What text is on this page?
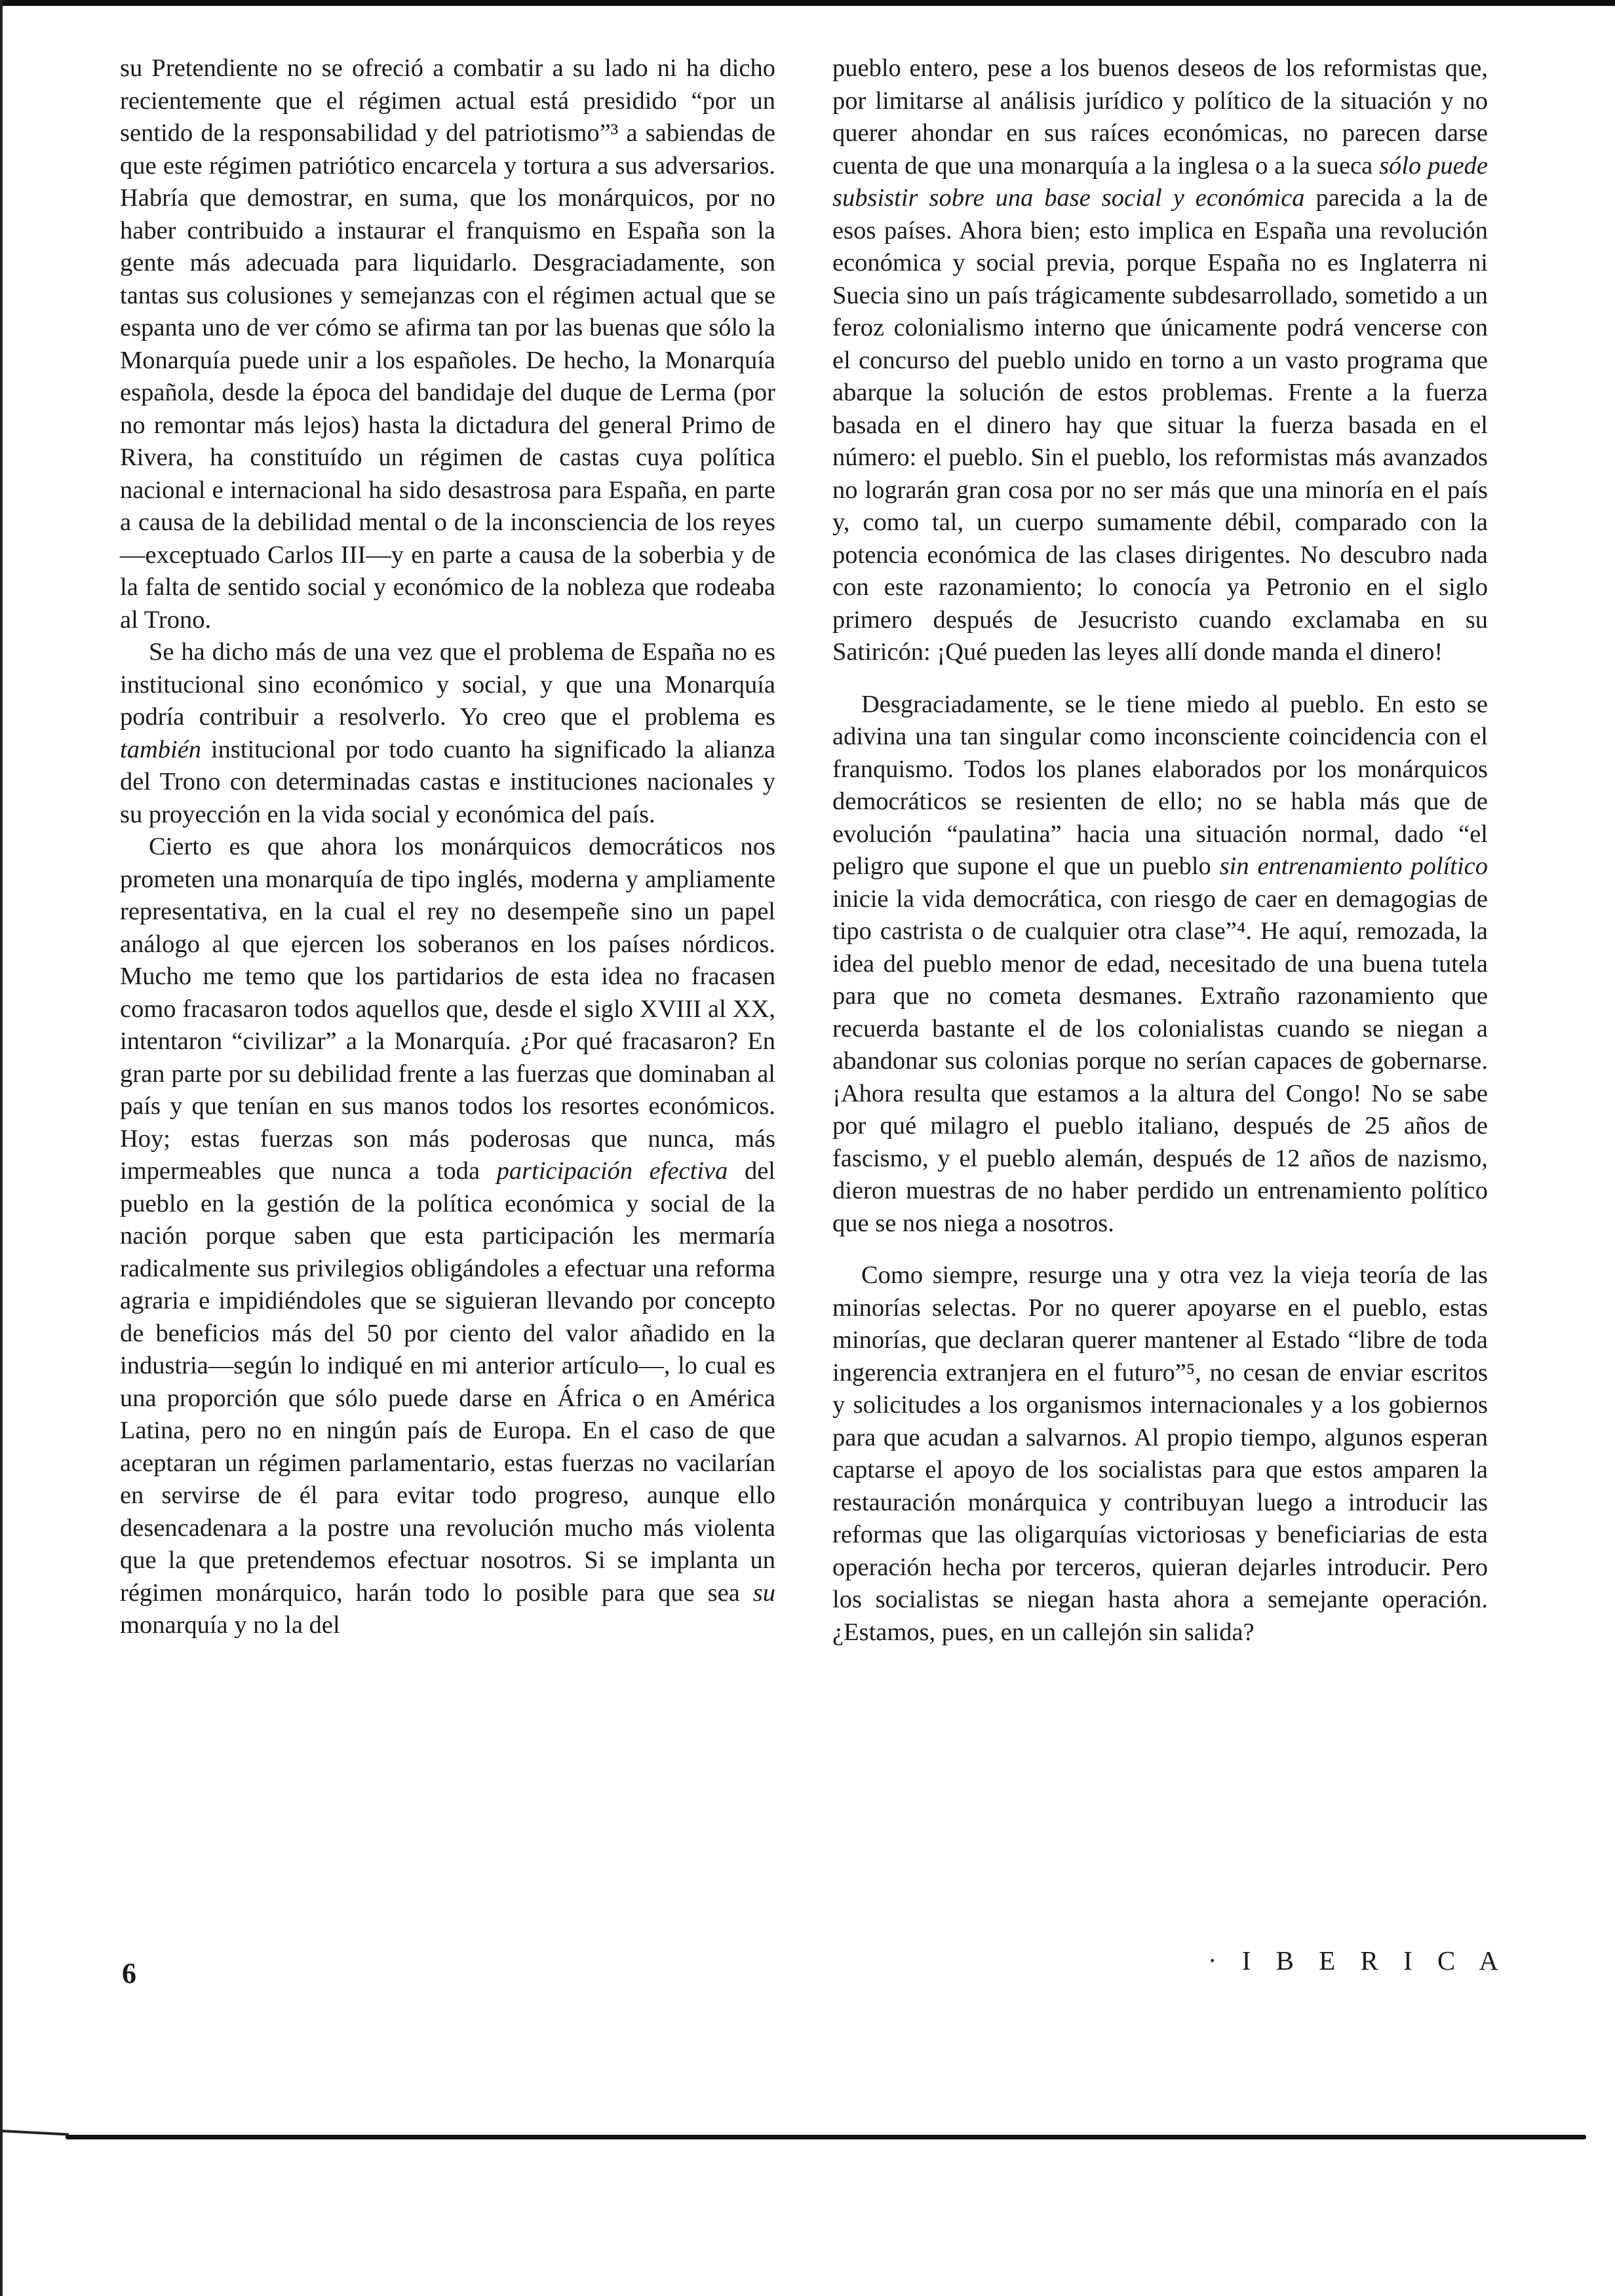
su Pretendiente no se ofreció a combatir a su lado ni ha dicho recientemente que el régimen actual está presidido “por un sentido de la responsabilidad y del patriotismo”³ a sabiendas de que este régimen patriótico encarcela y tortura a sus adversarios. Habría que demostrar, en suma, que los monárquicos, por no haber contribuido a instaurar el franquismo en España son la gente más adecuada para liquidarlo. Desgraciadamente, son tantas sus colusiones y semejanzas con el régimen actual que se espanta uno de ver cómo se afirma tan por las buenas que sólo la Monarquía puede unir a los españoles. De hecho, la Monarquía española, desde la época del bandidaje del duque de Lerma (por no remontar más lejos) hasta la dictadura del general Primo de Rivera, ha constituído un régimen de castas cuya política nacional e internacional ha sido desastrosa para España, en parte a causa de la debilidad mental o de la inconsciencia de los reyes—exceptuado Carlos III—y en parte a causa de la soberbia y de la falta de sentido social y económico de la nobleza que rodeaba al Trono.

Se ha dicho más de una vez que el problema de España no es institucional sino económico y social, y que una Monarquía podría contribuir a resolverlo. Yo creo que el problema es también institucional por todo cuanto ha significado la alianza del Trono con determinadas castas e instituciones nacionales y su proyección en la vida social y económica del país.

Cierto es que ahora los monárquicos democráticos nos prometen una monarquía de tipo inglés, moderna y ampliamente representativa, en la cual el rey no desempeñe sino un papel análogo al que ejercen los soberanos en los países nórdicos. Mucho me temo que los partidarios de esta idea no fracasen como fracasaron todos aquellos que, desde el siglo XVIII al XX, intentaron “civilizar” a la Monarquía. ¿Por qué fracasaron? En gran parte por su debilidad frente a las fuerzas que dominaban al país y que tenían en sus manos todos los resortes económicos. Hoy; estas fuerzas son más poderosas que nunca, más impermeables que nunca a toda participación efectiva del pueblo en la gestión de la política económica y social de la nación porque saben que esta participación les mermaría radicalmente sus privilegios obligándoles a efectuar una reforma agraria e impidiéndoles que se siguieran llevando por concepto de beneficios más del 50 por ciento del valor añadido en la industria—según lo indiqué en mi anterior artículo—, lo cual es una proporción que sólo puede darse en África o en América Latina, pero no en ningún país de Europa. En el caso de que aceptaran un régimen parlamentario, estas fuerzas no vacilarían en servirse de él para evitar todo progreso, aunque ello desencadenara a la postre una revolución mucho más violenta que la que pretendemos efectuar nosotros. Si se implanta un régimen monárquico, harán todo lo posible para que sea su monarquía y no la del

pueblo entero, pese a los buenos deseos de los reformistas que, por limitarse al análisis jurídico y político de la situación y no querer ahondar en sus raíces económicas, no parecen darse cuenta de que una monarquía a la inglesa o a la sueca sólo puede subsistir sobre una base social y económica parecida a la de esos países. Ahora bien; esto implica en España una revolución económica y social previa, porque España no es Inglaterra ni Suecia sino un país trágicamente subdesarrollado, sometido a un feroz colonialismo interno que únicamente podrá vencerse con el concurso del pueblo unido en torno a un vasto programa que abarque la solución de estos problemas. Frente a la fuerza basada en el dinero hay que situar la fuerza basada en el número: el pueblo. Sin el pueblo, los reformistas más avanzados no lograrán gran cosa por no ser más que una minoría en el país y, como tal, un cuerpo sumamente débil, comparado con la potencia económica de las clases dirigentes. No descubro nada con este razonamiento; lo conocía ya Petronio en el siglo primero después de Jesucristo cuando exclamaba en su Satiricón: ¡Qué pueden las leyes allí donde manda el dinero!

Desgraciadamente, se le tiene miedo al pueblo. En esto se adivina una tan singular como inconsciente coincidencia con el franquismo. Todos los planes elaborados por los monárquicos democráticos se resienten de ello; no se habla más que de evolución “paulatina” hacia una situación normal, dado “el peligro que supone el que un pueblo sin entrenamiento político inicie la vida democrática, con riesgo de caer en demagogias de tipo castrista o de cualquier otra clase”⁴. He aquí, remozada, la idea del pueblo menor de edad, necesitado de una buena tutela para que no cometa desmanes. Extraño razonamiento que recuerda bastante el de los colonialistas cuando se niegan a abandonar sus colonias porque no serían capaces de gobernarse. ¡Ahora resulta que estamos a la altura del Congo! No se sabe por qué milagro el pueblo italiano, después de 25 años de fascismo, y el pueblo alemán, después de 12 años de nazismo, dieron muestras de no haber perdido un entrenamiento político que se nos niega a nosotros.

Como siempre, resurge una y otra vez la vieja teoría de las minorías selectas. Por no querer apoyarse en el pueblo, estas minorías, que declaran querer mantener al Estado “libre de toda ingerencia extranjera en el futuro”⁵, no cesan de enviar escritos y solicitudes a los organismos internacionales y a los gobiernos para que acudan a salvarnos. Al propio tiempo, algunos esperan captarse el apoyo de los socialistas para que estos amparen la restauración monárquica y contribuyan luego a introducir las reformas que las oligarquías victoriosas y beneficiarias de esta operación hecha por terceros, quieran dejarles introducir. Pero los socialistas se niegan hasta ahora a semejante operación. ¿Estamos, pues, en un callejón sin salida?

6	· I B E R I C A
